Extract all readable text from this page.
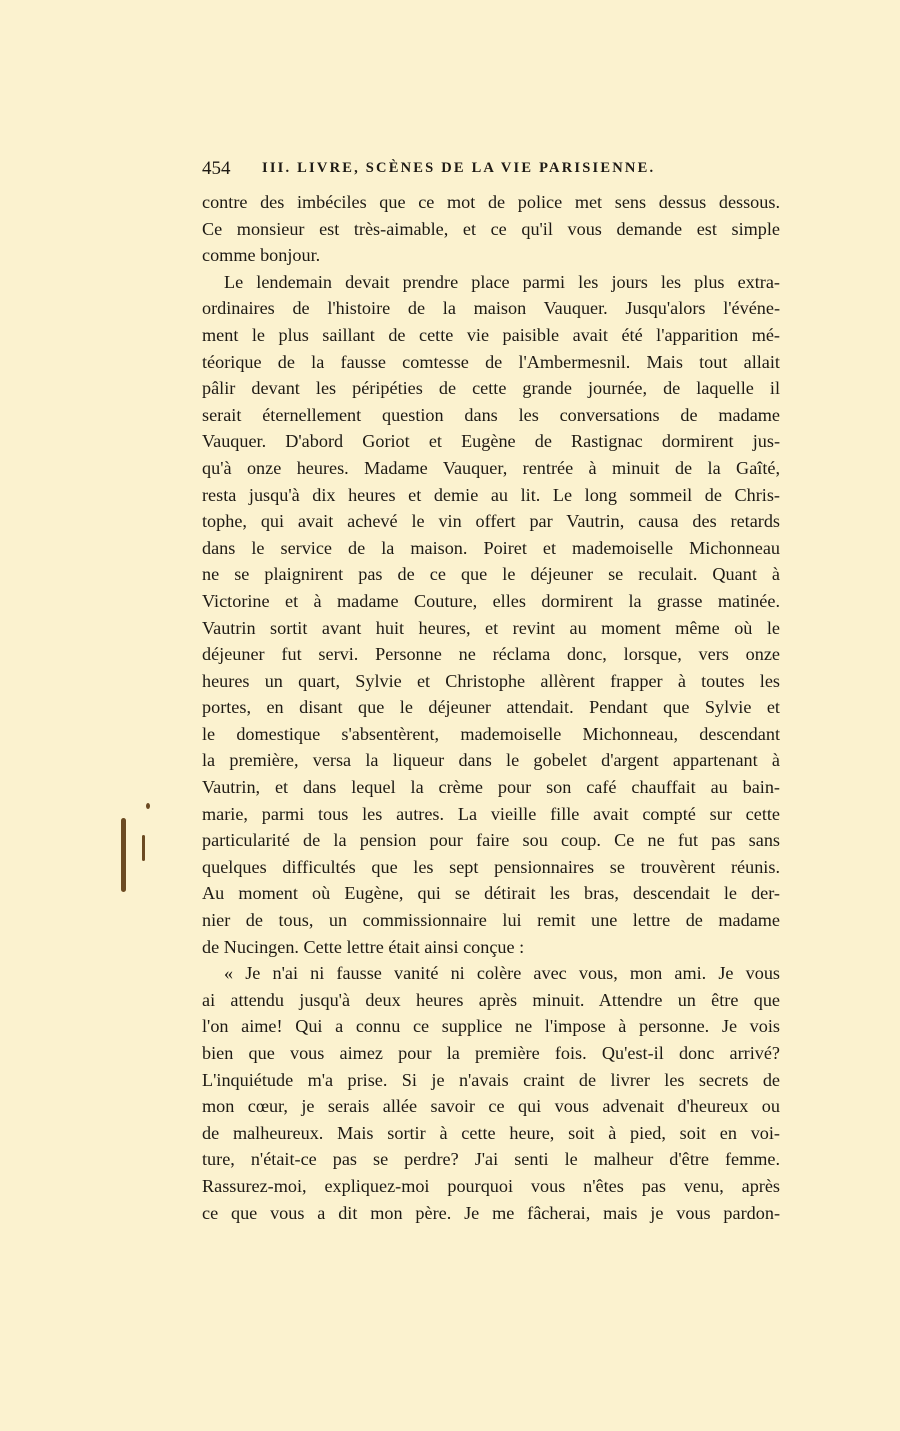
454 III. LIVRE, SCÈNES DE LA VIE PARISIENNE.
contre des imbéciles que ce mot de police met sens dessus dessous.
Ce monsieur est très-aimable, et ce qu'il vous demande est simple
comme bonjour.
Le lendemain devait prendre place parmi les jours les plus extra-
ordinaires de l'histoire de la maison Vauquer. Jusqu'alors l'événe-
ment le plus saillant de cette vie paisible avait été l'apparition mé-
téorique de la fausse comtesse de l'Ambermesnil. Mais tout allait
pâlir devant les péripéties de cette grande journée, de laquelle il
serait éternellement question dans les conversations de madame
Vauquer. D'abord Goriot et Eugène de Rastignac dormirent jus-
qu'à onze heures. Madame Vauquer, rentrée à minuit de la Gaîté,
resta jusqu'à dix heures et demie au lit. Le long sommeil de Chris-
tophe, qui avait achevé le vin offert par Vautrin, causa des retards
dans le service de la maison. Poiret et mademoiselle Michonneau
ne se plaignirent pas de ce que le déjeuner se reculait. Quant à
Victorine et à madame Couture, elles dormirent la grasse matinée.
Vautrin sortit avant huit heures, et revint au moment même où le
déjeuner fut servi. Personne ne réclama donc, lorsque, vers onze
heures un quart, Sylvie et Christophe allèrent frapper à toutes les
portes, en disant que le déjeuner attendait. Pendant que Sylvie et
le domestique s'absentèrent, mademoiselle Michonneau, descendant
la première, versa la liqueur dans le gobelet d'argent appartenant à
Vautrin, et dans lequel la crème pour son café chauffait au bain-
marie, parmi tous les autres. La vieille fille avait compté sur cette
particularité de la pension pour faire sou coup. Ce ne fut pas sans
quelques difficultés que les sept pensionnaires se trouvèrent réunis.
Au moment où Eugène, qui se détirait les bras, descendait le der-
nier de tous, un commissionnaire lui remit une lettre de madame
de Nucingen. Cette lettre était ainsi conçue :
« Je n'ai ni fausse vanité ni colère avec vous, mon ami. Je vous
ai attendu jusqu'à deux heures après minuit. Attendre un être que
l'on aime! Qui a connu ce supplice ne l'impose à personne. Je vois
bien que vous aimez pour la première fois. Qu'est-il donc arrivé?
L'inquiétude m'a prise. Si je n'avais craint de livrer les secrets de
mon cœur, je serais allée savoir ce qui vous advenait d'heureux ou
de malheureux. Mais sortir à cette heure, soit à pied, soit en voi-
ture, n'était-ce pas se perdre? J'ai senti le malheur d'être femme.
Rassurez-moi, expliquez-moi pourquoi vous n'êtes pas venu, après
ce que vous a dit mon père. Je me fâcherai, mais je vous pardon-
